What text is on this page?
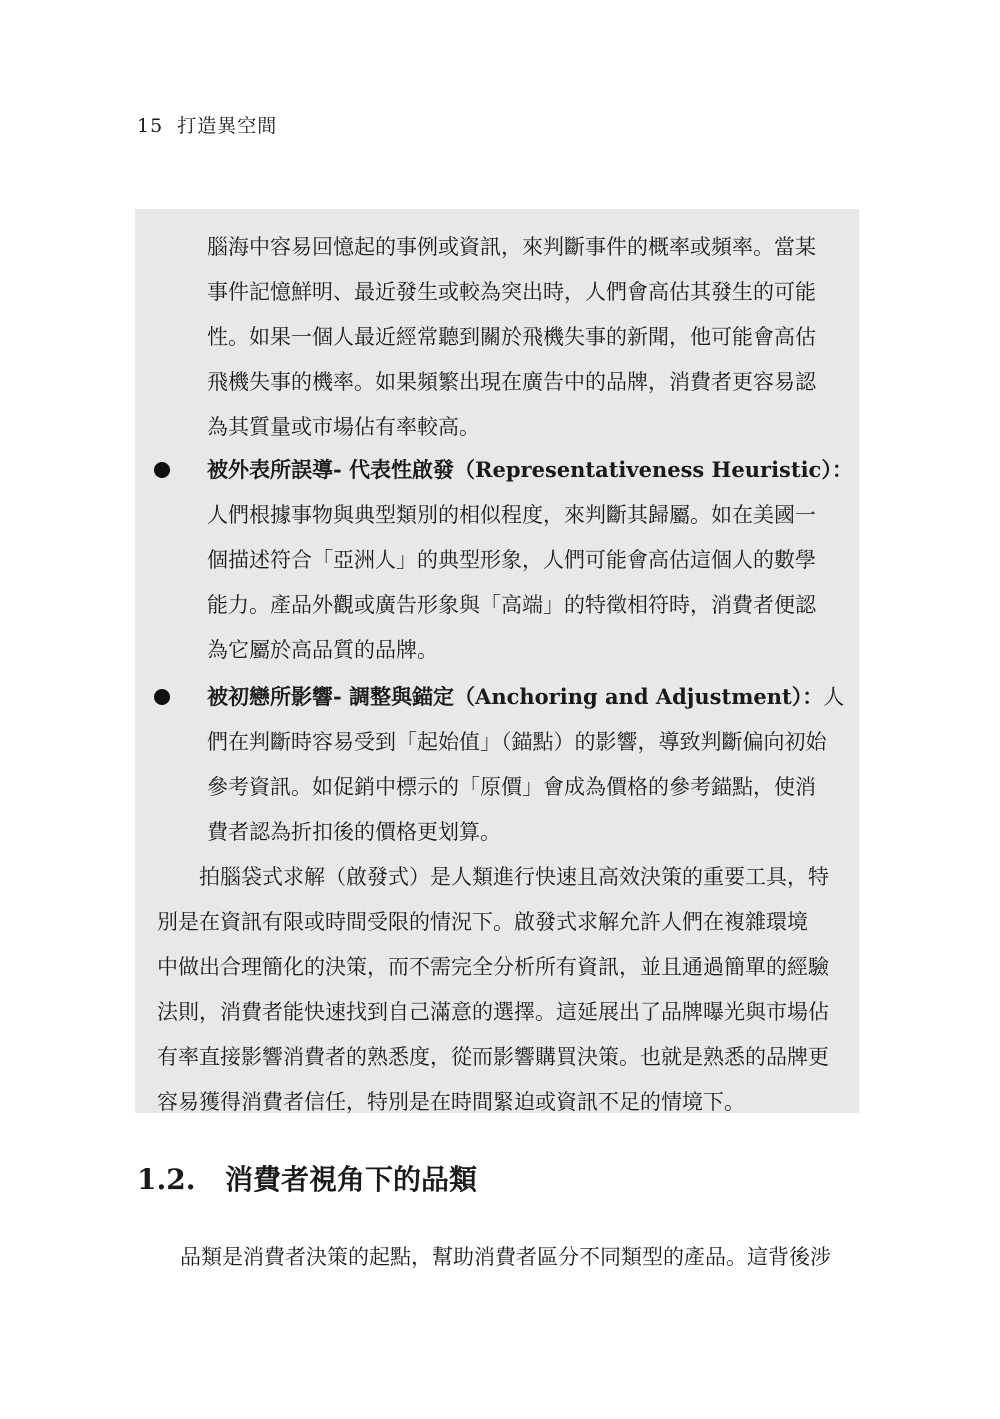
15 打造異空間
腦海中容易回憶起的事例或資訊，來判斷事件的概率或頻率。當某
事件記憶鮮明、最近發生或較為突出時，人們會高估其發生的可能
性。如果一個人最近經常聽到關於飛機失事的新聞，他可能會高估
飛機失事的機率。如果頻繁出現在廣告中的品牌，消費者更容易認
為其質量或市場佔有率較高。
被外表所誤導- 代表性啟發（Representativeness Heuristic）：
人們根據事物與典型類別的相似程度，來判斷其歸屬。如在美國一
個描述符合「亞洲人」的典型形象，人們可能會高估這個人的數學
能力。產品外觀或廣告形象與「高端」的特徵相符時，消費者便認
為它屬於高品質的品牌。
被初戀所影響- 調整與錨定（Anchoring and Adjustment）：人
們在判斷時容易受到「起始值」（錨點）的影響，導致判斷偏向初始
參考資訊。如促銷中標示的「原價」會成為價格的參考錨點，使消
費者認為折扣後的價格更划算。
拍腦袋式求解（啟發式）是人類進行快速且高效決策的重要工具，特
別是在資訊有限或時間受限的情況下。啟發式求解允許人們在複雜環境
中做出合理簡化的決策，而不需完全分析所有資訊，並且通過簡單的經驗
法則，消費者能快速找到自己滿意的選擇。這延展出了品牌曝光與市場佔
有率直接影響消費者的熟悉度，從而影響購買決策。也就是熟悉的品牌更
容易獲得消費者信任，特別是在時間緊迫或資訊不足的情境下。
1.2. 消費者視角下的品類
品類是消費者決策的起點，幫助消費者區分不同類型的產品。這背後涉
